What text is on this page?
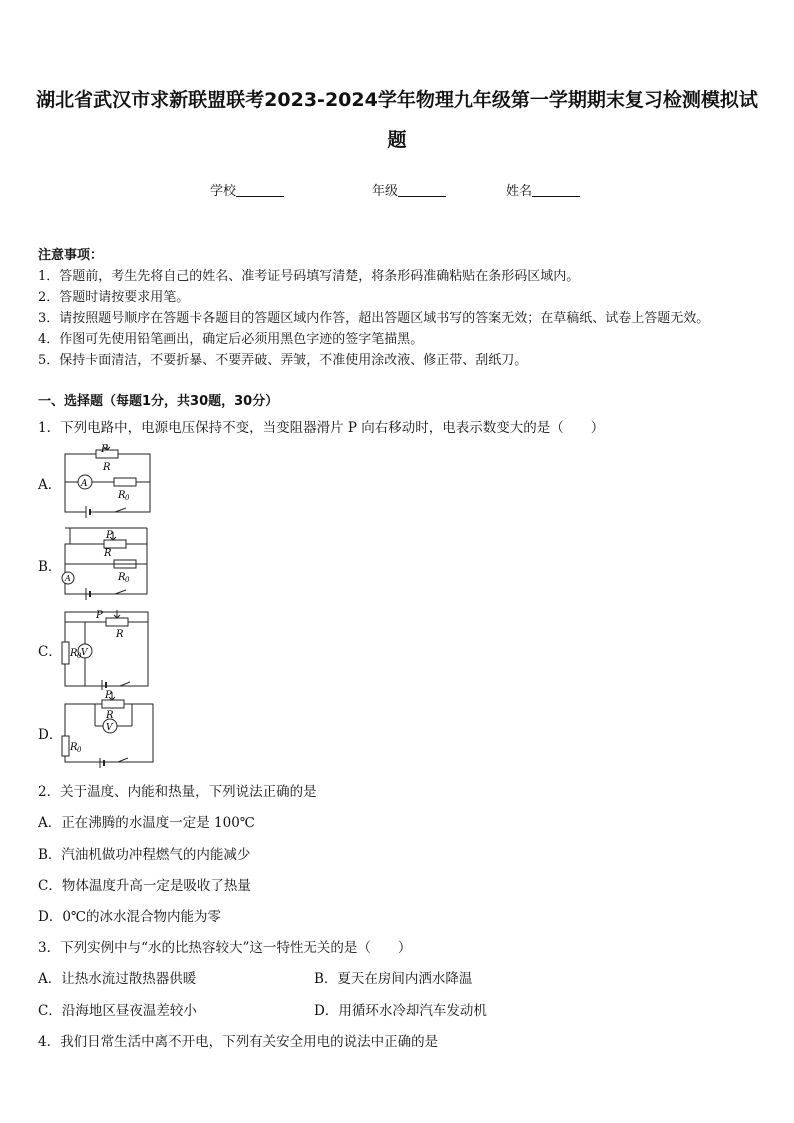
湖北省武汉市求新联盟联考2023-2024学年物理九年级第一学期期末复习检测模拟试
题
学校	年级	姓名
注意事项：
1．答题前，考生先将自己的姓名、准考证号码填写清楚，将条形码准确粘贴在条形码区域内。
2．答题时请按要求用笔。
3．请按照题号顺序在答题卡各题目的答题区域内作答，超出答题区域书写的答案无效；在草稿纸、试卷上答题无效。
4．作图可先使用铅笔画出，确定后必须用黑色字迹的签字笔描黑。
5．保持卡面清洁，不要折暴、不要弄破、弄皱，不准使用涂改液、修正带、刮纸刀。
一、选择题（每题1分，共30题，30分）
1．下列电路中，电源电压保持不变，当变阻器滑片 P 向右移动时，电表示数变大的是（　　）
A．
P
R
A
R 0
B．
P
R
A	R 0
C．
P
R
V
R 0
D．
P
R
V
R 0
2．关于温度、内能和热量，下列说法正确的是
A．正在沸腾的水温度一定是 100℃
B．汽油机做功冲程燃气的内能减少
C．物体温度升高一定是吸收了热量
D．0℃的冰水混合物内能为零
3．下列实例中与“水的比热容较大”这一特性无关的是（　　）
A．让热水流过散热器供暖	B．夏天在房间内洒水降温
C．沿海地区昼夜温差较小	D．用循环水冷却汽车发动机
4．我们日常生活中离不开电，下列有关安全用电的说法中正确的是
